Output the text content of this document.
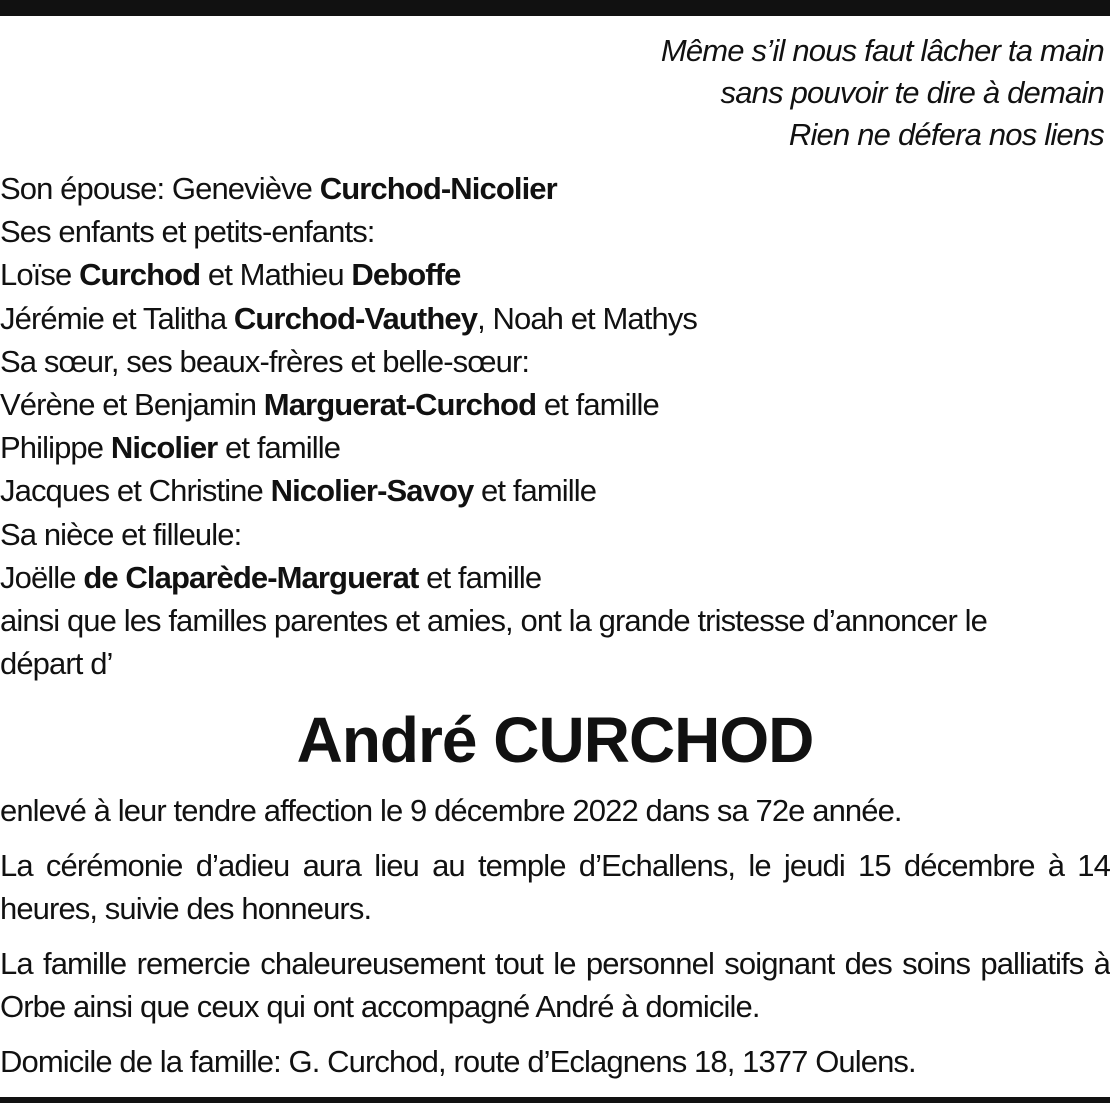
Même s’il nous faut lâcher ta main
sans pouvoir te dire à demain
Rien ne défera nos liens
Son épouse: Geneviève Curchod-Nicolier
Ses enfants et petits-enfants:
Loïse Curchod et Mathieu Deboffe
Jérémie et Talitha Curchod-Vauthey, Noah et Mathys
Sa sœur, ses beaux-frères et belle-sœur:
Vérène et Benjamin Marguerat-Curchod et famille
Philippe Nicolier et famille
Jacques et Christine Nicolier-Savoy et famille
Sa nièce et filleule:
Joëlle de Claparède-Marguerat et famille
ainsi que les familles parentes et amies, ont la grande tristesse d’annoncer le
départ d’
André CURCHOD

enlevé à leur tendre affection le 9 décembre 2022 dans sa 72e année.

La cérémonie d’adieu aura lieu au temple d’Echallens, le jeudi 15 décembre à 14 heures, suivie des honneurs.

La famille remercie chaleureusement tout le personnel soignant des soins palliatifs à Orbe ainsi que ceux qui ont accompagné André à domicile.

Domicile de la famille: G. Curchod, route d’Eclagnens 18, 1377 Oulens.
